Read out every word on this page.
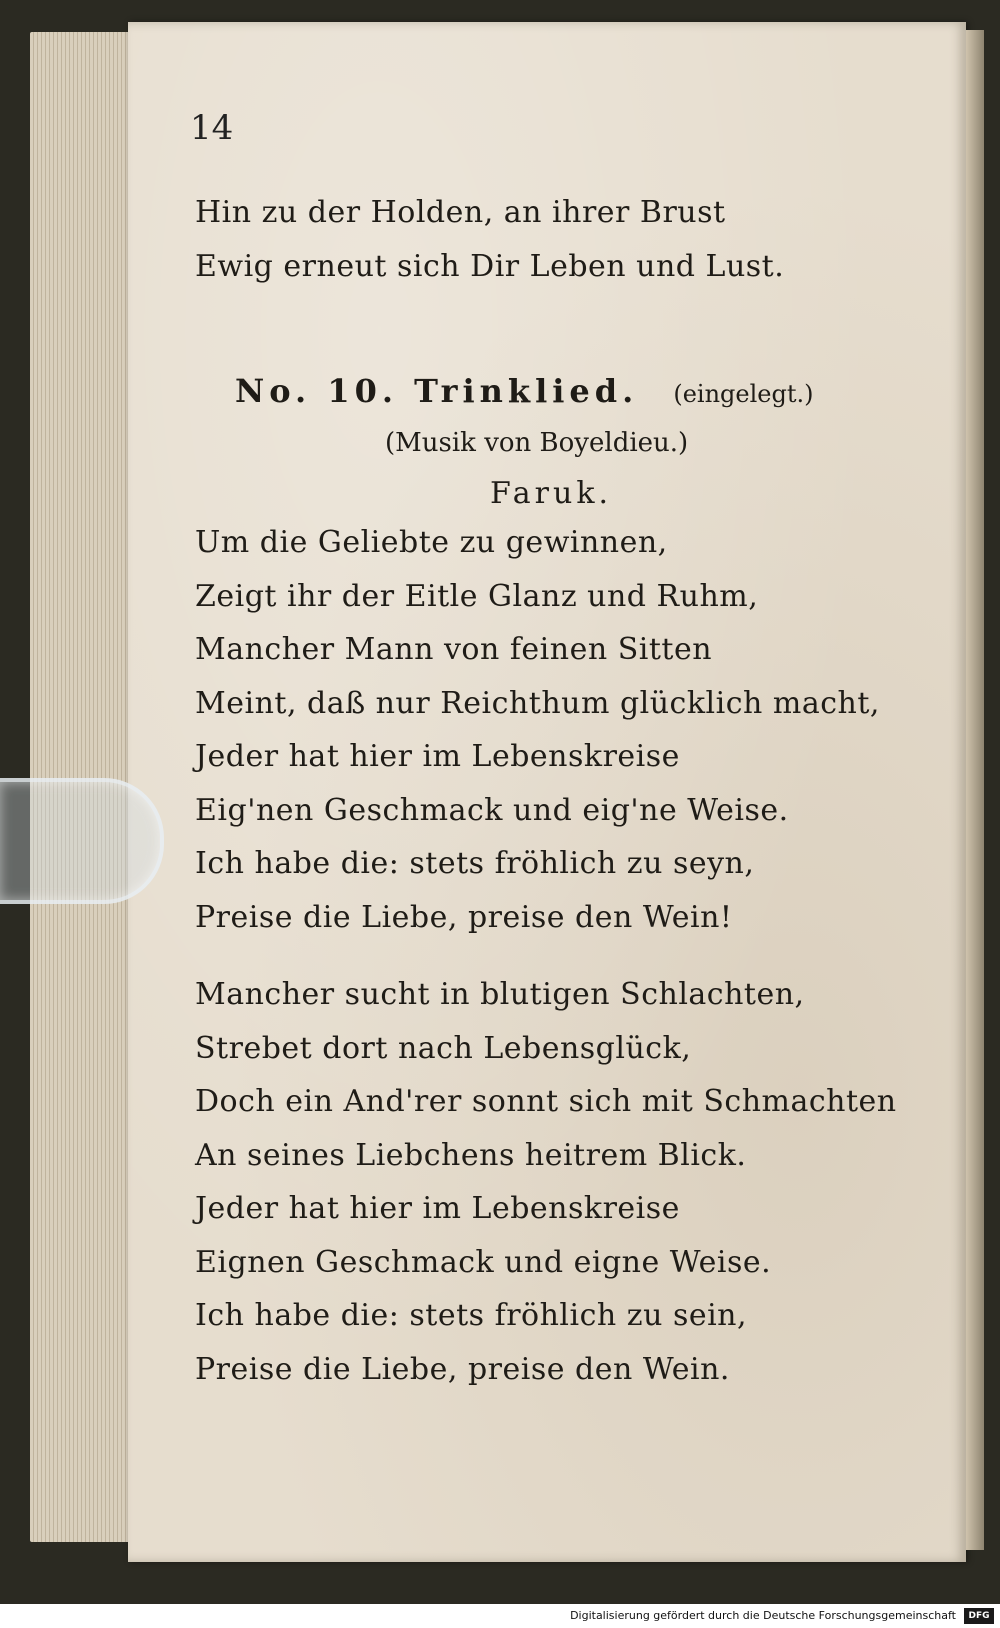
14
Hin zu der Holden, an ihrer Brust
Ewig erneut sich Dir Leben und Lust.
No. 10. Trinklied. (eingelegt.)
(Musik von Boyeldieu.)
Faruk.
Um die Geliebte zu gewinnen,
Zeigt ihr der Eitle Glanz und Ruhm,
Mancher Mann von feinen Sitten
Meint, daß nur Reichthum glücklich macht,
Jeder hat hier im Lebenskreise
Eig'nen Geschmack und eig'ne Weise.
Ich habe die: stets fröhlich zu seyn,
Preise die Liebe, preise den Wein!
Mancher sucht in blutigen Schlachten,
Strebet dort nach Lebensglück,
Doch ein And'rer sonnt sich mit Schmachten
An seines Liebchens heitrem Blick.
Jeder hat hier im Lebenskreise
Eignen Geschmack und eigne Weise.
Ich habe die: stets fröhlich zu sein,
Preise die Liebe, preise den Wein.
Digitalisierung gefördert durch die Deutsche Forschungsgemeinschaft	DFG
